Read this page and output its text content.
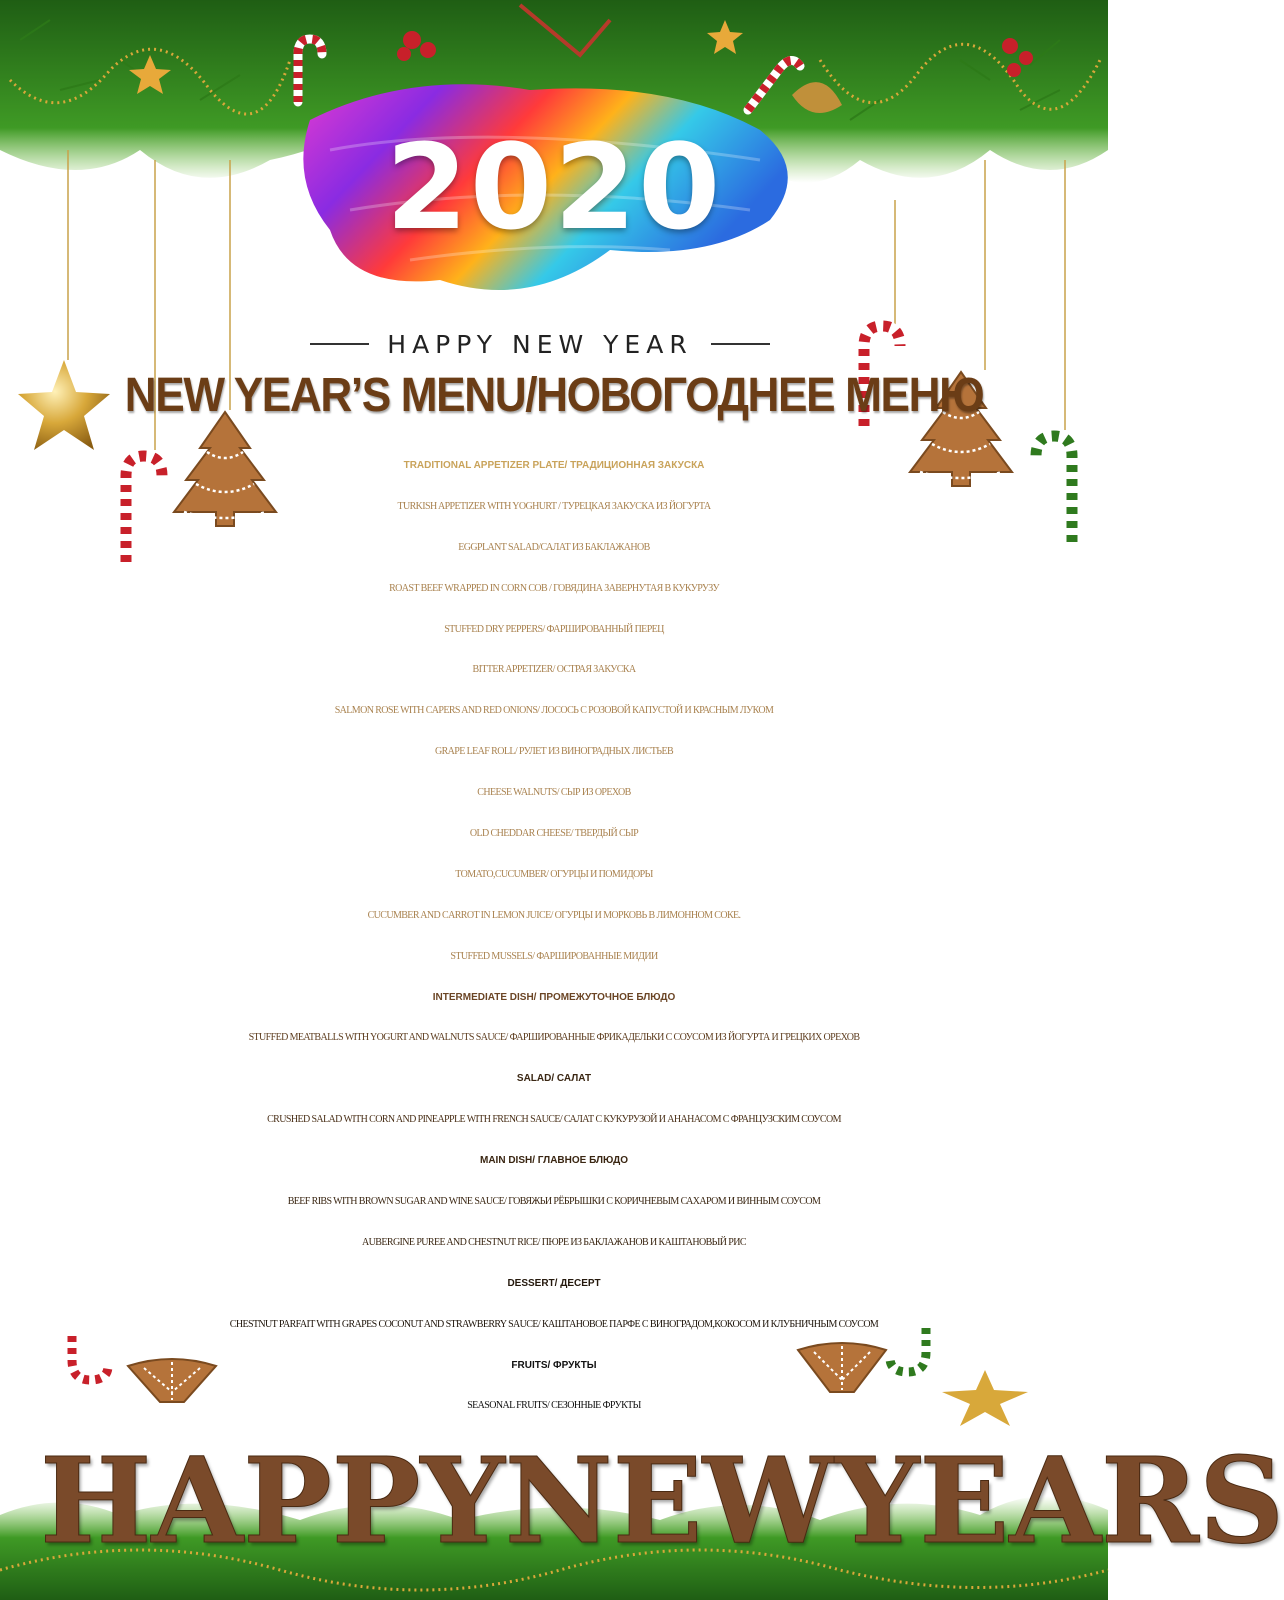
2020
HAPPY NEW YEAR
NEW YEAR’S MENU/НОВОГОДНЕЕ МЕНЮ
TRADITIONAL APPETIZER PLATE/ ТРАДИЦИОННАЯ ЗАКУСКА
TURKISH APPETIZER WITH YOGHURT / ТУРЕЦКАЯ ЗАКУСКА ИЗ ЙОГУРТА
EGGPLANT SALAD/САЛАТ ИЗ БАКЛАЖАНОВ
ROAST BEEF WRAPPED IN CORN COB / ГОВЯДИНА ЗАВЕРНУТАЯ В КУКУРУЗУ
STUFFED DRY PEPPERS/ ФАРШИРОВАННЫЙ ПЕРЕЦ
BITTER APPETIZER/ ОСТРАЯ ЗАКУСКА
SALMON ROSE WITH CAPERS AND RED ONIONS/ ЛОСОСЬ С РОЗОВОЙ КАПУСТОЙ И КРАСНЫМ ЛУКОМ
GRAPE LEAF ROLL/ РУЛЕТ ИЗ ВИНОГРАДНЫХ ЛИСТЬЕВ
CHEESE WALNUTS/ СЫР ИЗ ОРЕХОВ
OLD CHEDDAR CHEESE/ ТВЕРДЫЙ СЫР
TOMATO,CUCUMBER/ ОГУРЦЫ И ПОМИДОРЫ
CUCUMBER AND CARROT IN LEMON JUICE/ ОГУРЦЫ И МОРКОВЬ В ЛИМОННОМ СОКЕ.
STUFFED MUSSELS/ ФАРШИРОВАННЫЕ МИДИИ
INTERMEDIATE DISH/ ПРОМЕЖУТОЧНОЕ БЛЮДО
STUFFED MEATBALLS WITH YOGURT AND WALNUTS SAUCE/ ФАРШИРОВАННЫЕ ФРИКАДЕЛЬКИ С СОУСОМ ИЗ ЙОГУРТА И ГРЕЦКИХ ОРЕХОВ
SALAD/ САЛАТ
CRUSHED SALAD WITH CORN AND PINEAPPLE WITH FRENCH SAUCE/ САЛАТ С КУКУРУЗОЙ И АНАНАСОМ С ФРАНЦУЗСКИМ СОУСОМ
MAIN DISH/ ГЛАВНОЕ БЛЮДО
BEEF RIBS WITH BROWN SUGAR AND WINE SAUCE/ ГОВЯЖЬИ РЁБРЫШКИ С КОРИЧНЕВЫМ САХАРОМ И ВИННЫМ СОУСОМ
AUBERGINE PUREE AND CHESTNUT RICE/ ПЮРЕ ИЗ БАКЛАЖАНОВ И КАШТАНОВЫЙ РИС
DESSERT/ ДЕСЕРТ
CHESTNUT PARFAIT WITH GRAPES COCONUT AND STRAWBERRY SAUCE/ КАШТАНОВОЕ ПАРФЕ С ВИНОГРАДОМ,КОКОСОМ И КЛУБНИЧНЫМ СОУСОМ
FRUITS/ ФРУКТЫ
SEASONAL FRUITS/ СЕЗОННЫЕ ФРУКТЫ
H A P P Y N E W Y E A R S
